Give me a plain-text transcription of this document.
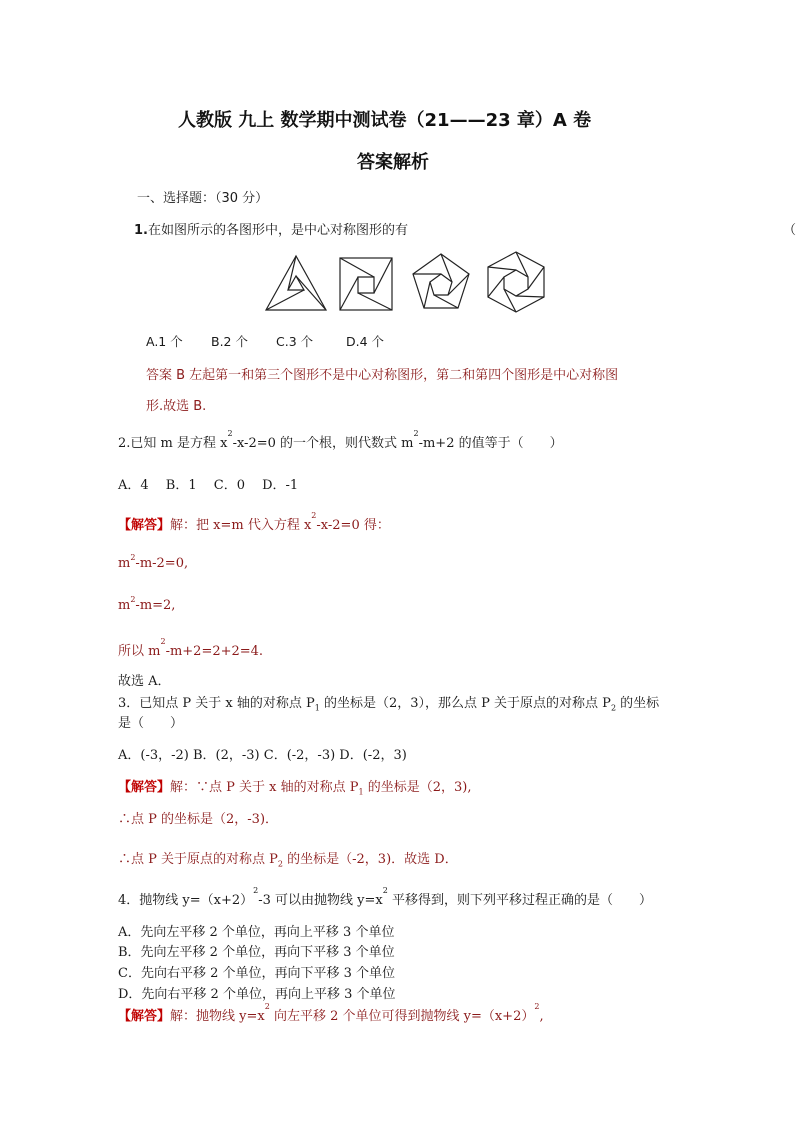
人教版 九上 数学期中测试卷（21——23 章）A 卷
答案解析
一、选择题：（30 分）
1.在如图所示的各图形中，是中心对称图形的有	（
A.1 个 B.2 个 C.3 个	D.4 个
答案 B 左起第一和第三个图形不是中心对称图形，第二和第四个图形是中心对称图
形.故选 B.
2.已知 m 是方程 $x^2-x-2=0$ 的一个根，则代数式 $m^2-m+2$ 的值等于（　　）
A．4　 B．1　 C．0　 D．-1
【解答】解：把 x=m 代入方程 $x^2-x-2=0$ 得：
$m^2-m-2=0$,
$m^2-m=2$,
所以 $m^2-m+2=2+2=4$.
故选 A．
3．已知点 P 关于 x 轴的对称点 $P_1$ 的坐标是（2，3），那么点 P 关于原点的对称点 $P_2$ 的坐标
是（　　）
A．(-3，-2) B．(2，-3) C．(-2，-3) D．(-2，3)
【解答】解：∵点 P 关于 x 轴的对称点 $P_1$ 的坐标是（2，3),
∴点 P 的坐标是（2，-3)．
∴点 P 关于原点的对称点 $P_2$ 的坐标是（-2，3)．故选 D．
4．抛物线 $y=(x+2)^2-3$ 可以由抛物线 $y=x^2$ 平移得到，则下列平移过程正确的是（　　）
A．先向左平移 2 个单位，再向上平移 3 个单位
B．先向左平移 2 个单位，再向下平移 3 个单位
C．先向右平移 2 个单位，再向下平移 3 个单位
D．先向右平移 2 个单位，再向上平移 3 个单位
【解答】解：抛物线 $y=x^2$ 向左平移 2 个单位可得到抛物线 $y=(x+2)^2$,
